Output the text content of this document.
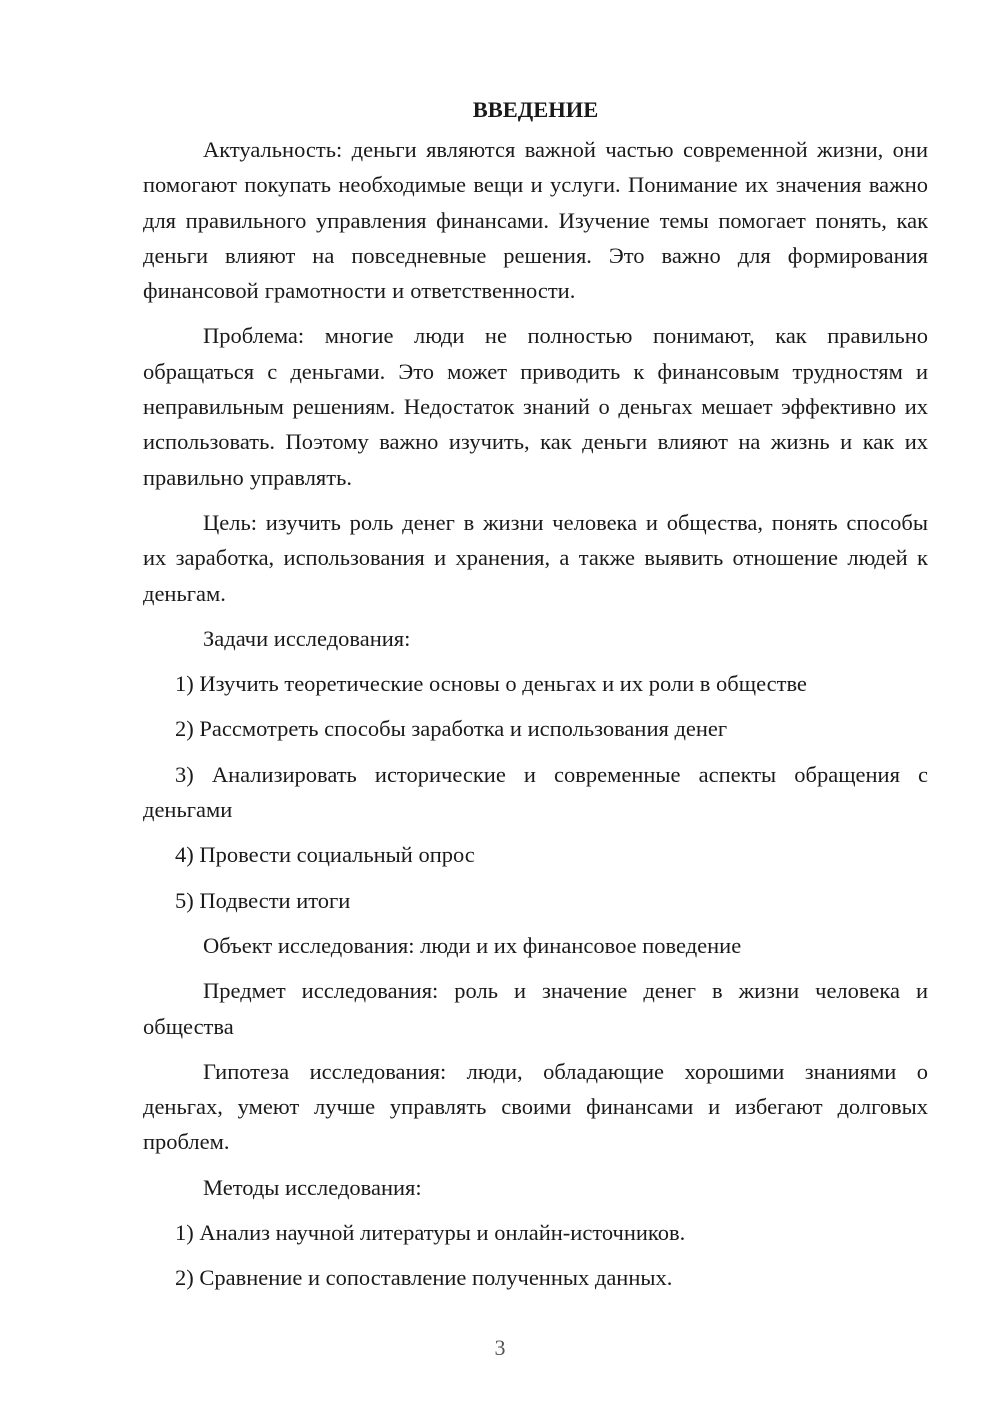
ВВЕДЕНИЕ

Актуальность: деньги являются важной частью современной жизни, они помогают покупать необходимые вещи и услуги. Понимание их значения важно для правильного управления финансами. Изучение темы помогает понять, как деньги влияют на повседневные решения. Это важно для формирования финансовой грамотности и ответственности.

Проблема: многие люди не полностью понимают, как правильно обращаться с деньгами. Это может приводить к финансовым трудностям и неправильным решениям. Недостаток знаний о деньгах мешает эффективно их использовать. Поэтому важно изучить, как деньги влияют на жизнь и как их правильно управлять.

Цель: изучить роль денег в жизни человека и общества, понять способы их заработка, использования и хранения, а также выявить отношение людей к деньгам.

Задачи исследования:

1) Изучить теоретические основы о деньгах и их роли в обществе

2) Рассмотреть способы заработка и использования денег

3) Анализировать исторические и современные аспекты обращения с деньгами

4) Провести социальный опрос

5) Подвести итоги

Объект исследования: люди и их финансовое поведение

Предмет исследования: роль и значение денег в жизни человека и общества

Гипотеза исследования: люди, обладающие хорошими знаниями о деньгах, умеют лучше управлять своими финансами и избегают долговых проблем.

Методы исследования:

1) Анализ научной литературы и онлайн-источников.

2) Сравнение и сопоставление полученных данных.

3
